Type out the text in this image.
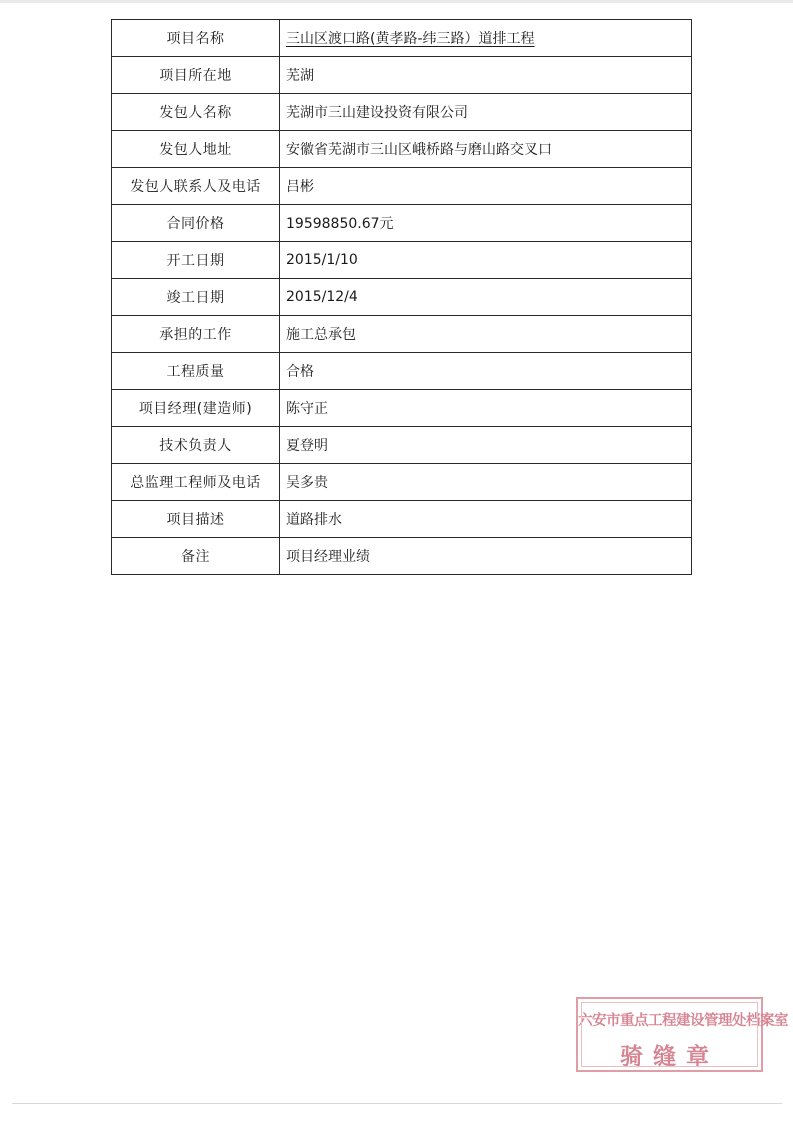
项目名称	三山区渡口路(黄孝路-纬三路）道排工程
项目所在地	芜湖
发包人名称	芜湖市三山建设投资有限公司
发包人地址	安徽省芜湖市三山区峨桥路与磨山路交叉口
发包人联系人及电话	吕彬
合同价格	19598850.67元
开工日期	2015/1/10
竣工日期	2015/12/4
承担的工作	施工总承包
工程质量	合格
项目经理(建造师)	陈守正
技术负责人	夏登明
总监理工程师及电话	吴多贵
项目描述	道路排水
备注	项目经理业绩
六安市重点工程建设管理处档案室
骑缝章
